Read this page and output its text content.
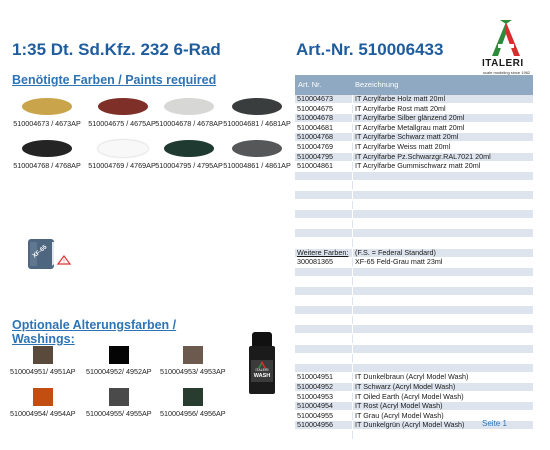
1:35 Dt. Sd.Kfz. 232 6-Rad	Art.-Nr. 510006433
ITALERI
scale modeling since 1962
Benötigte Farben / Paints required
510004673 / 4673AP	510004675 / 4675AP 510004678 / 4678AP 510004681 / 4681AP
510004768 / 4768AP	510004769 / 4769AP 510004795 / 4795AP 510004861 / 4861AP
!
XF-65
Optionale Alterungsfarben /
Washings:
510004951/ 4951AP 510004952/ 4952AP 510004953/ 4953AP
510004954/ 4954AP 510004955/ 4955AP 510004956/ 4956AP
ITALERI
WASH
Art. Nr.	Bezeichnung
510004673	IT Acrylfarbe Holz matt 20ml
510004675	IT Acrylfarbe Rost matt 20ml
510004678	IT Acrylfarbe Silber glänzend 20ml
510004681	IT Acrylfarbe Metallgrau matt 20ml
510004768	IT Acrylfarbe Schwarz matt 20ml
510004769	IT Acrylfarbe Weiss matt 20ml
510004795	IT Acrylfarbe Pz.Schwarzgr.RAL7021 20ml
510004861	IT Acrylfarbe Gummischwarz matt 20ml
Weitere Farben: (F.S. = Federal Standard)
300081365	XF-65 Feld-Grau matt 23ml
510004951	IT Dunkelbraun (Acryl Model Wash)
510004952	IT Schwarz (Acryl Model Wash)
510004953	IT Oiled Earth (Acryl Model Wash)
510004954	IT Rost (Acryl Model Wash)
510004955	IT Grau (Acryl Model Wash)
510004956	IT Dunkelgrün (Acryl Model Wash) Seite 1
